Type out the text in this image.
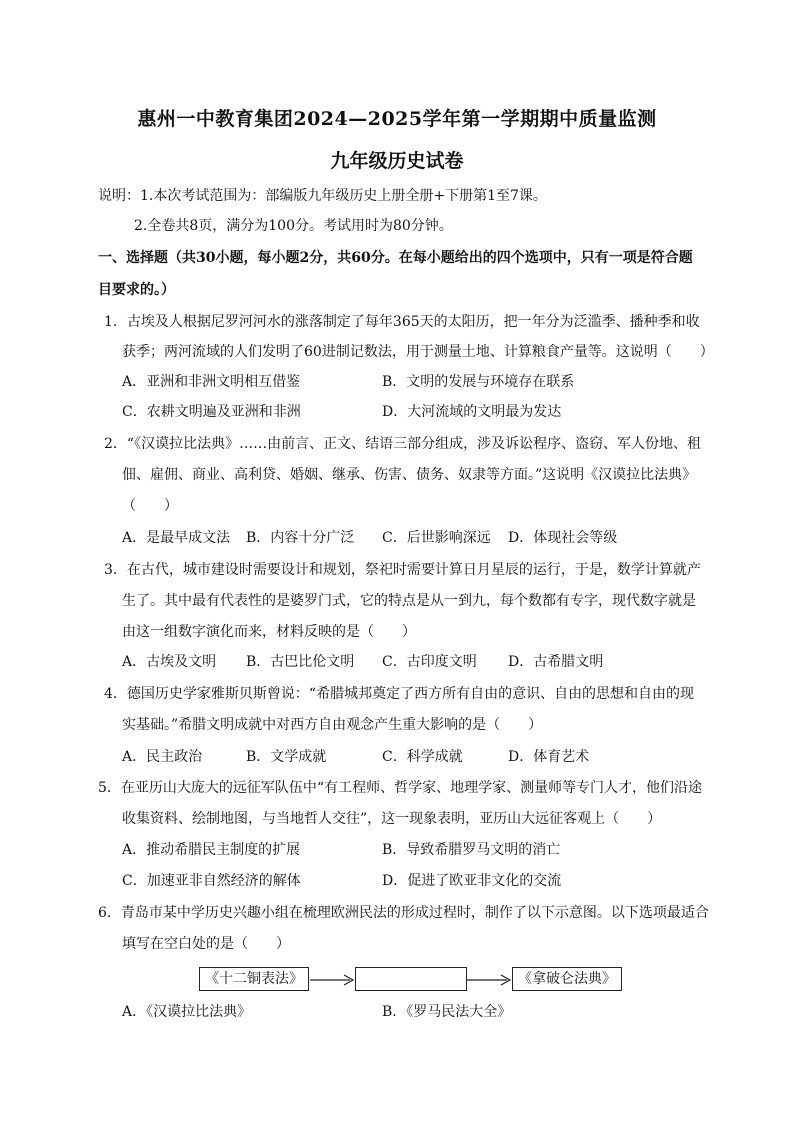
惠州一中教育集团2024—2025学年第一学期期中质量监测
九年级历史试卷
说明：1.本次考试范围为：部编版九年级历史上册全册+下册第1至7课。
2.全卷共8页，满分为100分。考试用时为80分钟。
一、选择题（共30小题，每小题2分，共60分。在每小题给出的四个选项中，只有一项是符合题
目要求的。）
1．古埃及人根据尼罗河河水的涨落制定了每年365天的太阳历，把一年分为泛滥季、播种季和收
获季；两河流域的人们发明了60进制记数法，用于测量土地、计算粮食产量等。这说明（　　）
A．亚洲和非洲文明相互借鉴	B．文明的发展与环境存在联系
C．农耕文明遍及亚洲和非洲	D．大河流域的文明最为发达
2．“《汉谟拉比法典》……由前言、正文、结语三部分组成，涉及诉讼程序、盗窃、军人份地、租
佃、雇佣、商业、高利贷、婚姻、继承、伤害、债务、奴隶等方面。”这说明《汉谟拉比法典》
（　　）
A．是最早成文法 B．内容十分广泛 C．后世影响深远 D．体现社会等级
3．在古代，城市建设时需要设计和规划，祭祀时需要计算日月星辰的运行，于是，数学计算就产
生了。其中最有代表性的是婆罗门式，它的特点是从一到九，每个数都有专字，现代数字就是
由这一组数字演化而来，材料反映的是（　　）
A．古埃及文明 B．古巴比伦文明 C．古印度文明 D．古希腊文明
4．德国历史学家雅斯贝斯曾说：“希腊城邦奠定了西方所有自由的意识、自由的思想和自由的现
实基础。”希腊文明成就中对西方自由观念产生重大影响的是（　　）
A．民主政治	B．文学成就	C．科学成就	D．体育艺术
5．在亚历山大庞大的远征军队伍中“有工程师、哲学家、地理学家、测量师等专门人才，他们沿途
收集资料、绘制地图，与当地哲人交往”，这一现象表明，亚历山大远征客观上（　　）
A．推动希腊民主制度的扩展	B．导致希腊罗马文明的消亡
C．加速亚非自然经济的解体	D．促进了欧亚非文化的交流
6．青岛市某中学历史兴趣小组在梳理欧洲民法的形成过程时，制作了以下示意图。以下选项最适合
填写在空白处的是（　　）
《十二铜表法》	《拿破仑法典》
A．《汉谟拉比法典》	B．《罗马民法大全》
